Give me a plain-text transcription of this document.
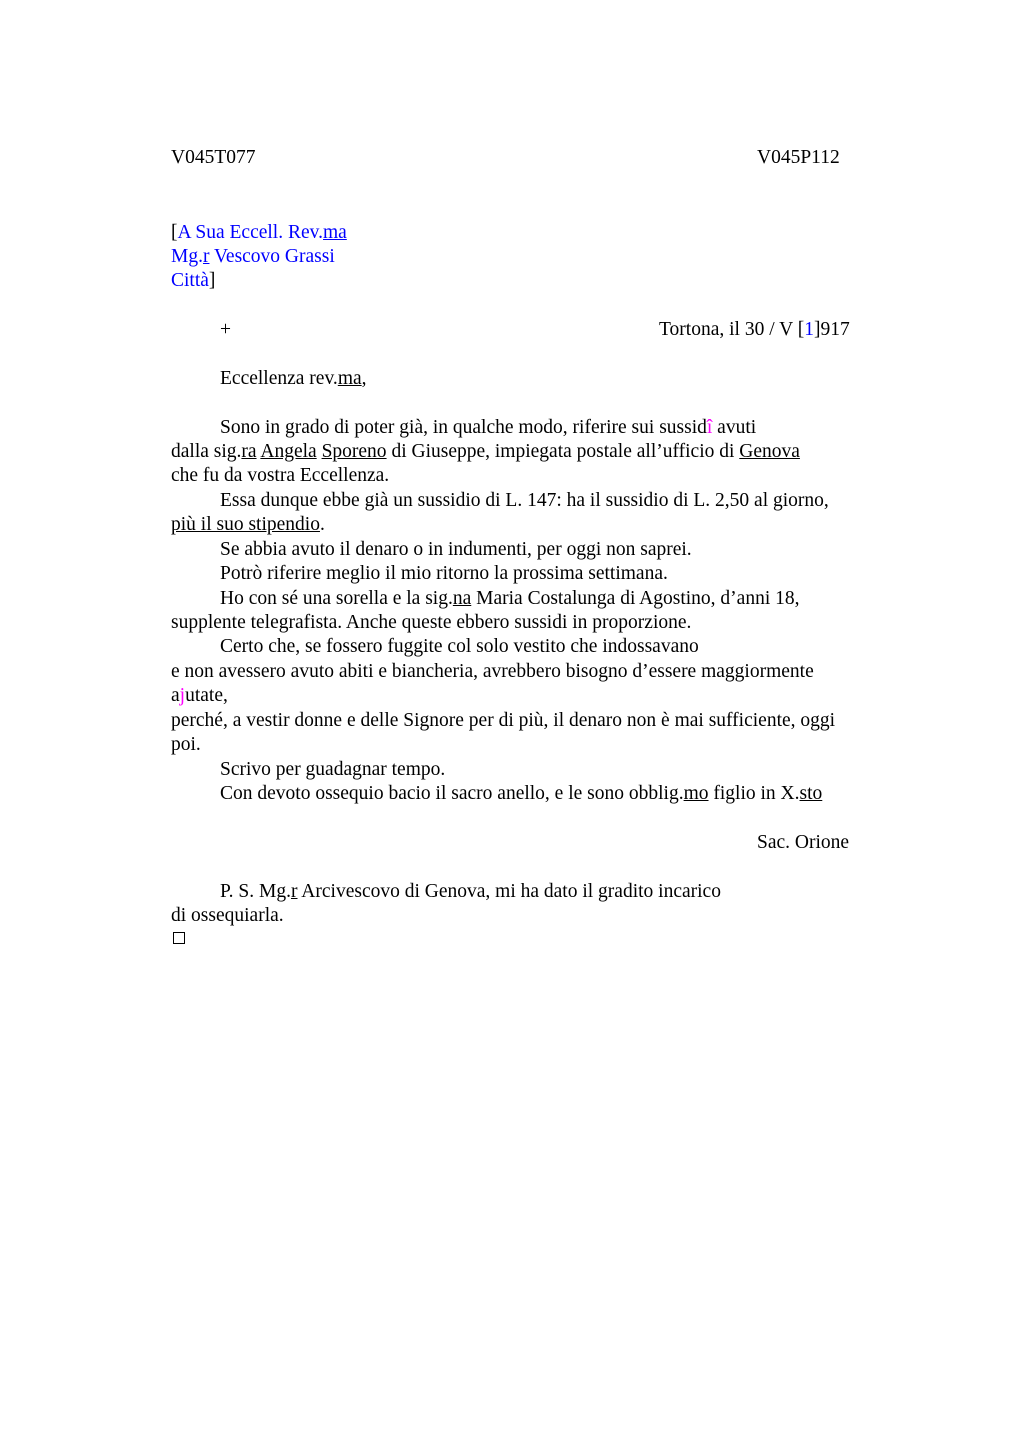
V045T077	V045P112
[A Sua Eccell. Rev.ma
Mg.r Vescovo Grassi
Città]
+	Tortona, il 30 / V [1]917
Eccellenza rev.ma,
Sono in grado di poter già, in qualche modo, riferire sui sussidî avuti
dalla sig.ra Angela Sporeno di Giuseppe, impiegata postale all’ufficio di Genova
che fu da vostra Eccellenza.
Essa dunque ebbe già un sussidio di L. 147: ha il sussidio di L. 2,50 al giorno,
più il suo stipendio.
Se abbia avuto il denaro o in indumenti, per oggi non saprei.
Potrò riferire meglio il mio ritorno la prossima settimana.
Ho con sé una sorella e la sig.na Maria Costalunga di Agostino, d’anni 18,
supplente telegrafista. Anche queste ebbero sussidi in proporzione.
Certo che, se fossero fuggite col solo vestito che indossavano
e non avessero avuto abiti e biancheria, avrebbero bisogno d’essere maggiormente
ajutate,
perché, a vestir donne e delle Signore per di più, il denaro non è mai sufficiente, oggi
poi.
Scrivo per guadagnar tempo.
Con devoto ossequio bacio il sacro anello, e le sono obblig.mo figlio in X.sto
Sac. Orione
P. S. Mg.r Arcivescovo di Genova, mi ha dato il gradito incarico
di ossequiarla.
